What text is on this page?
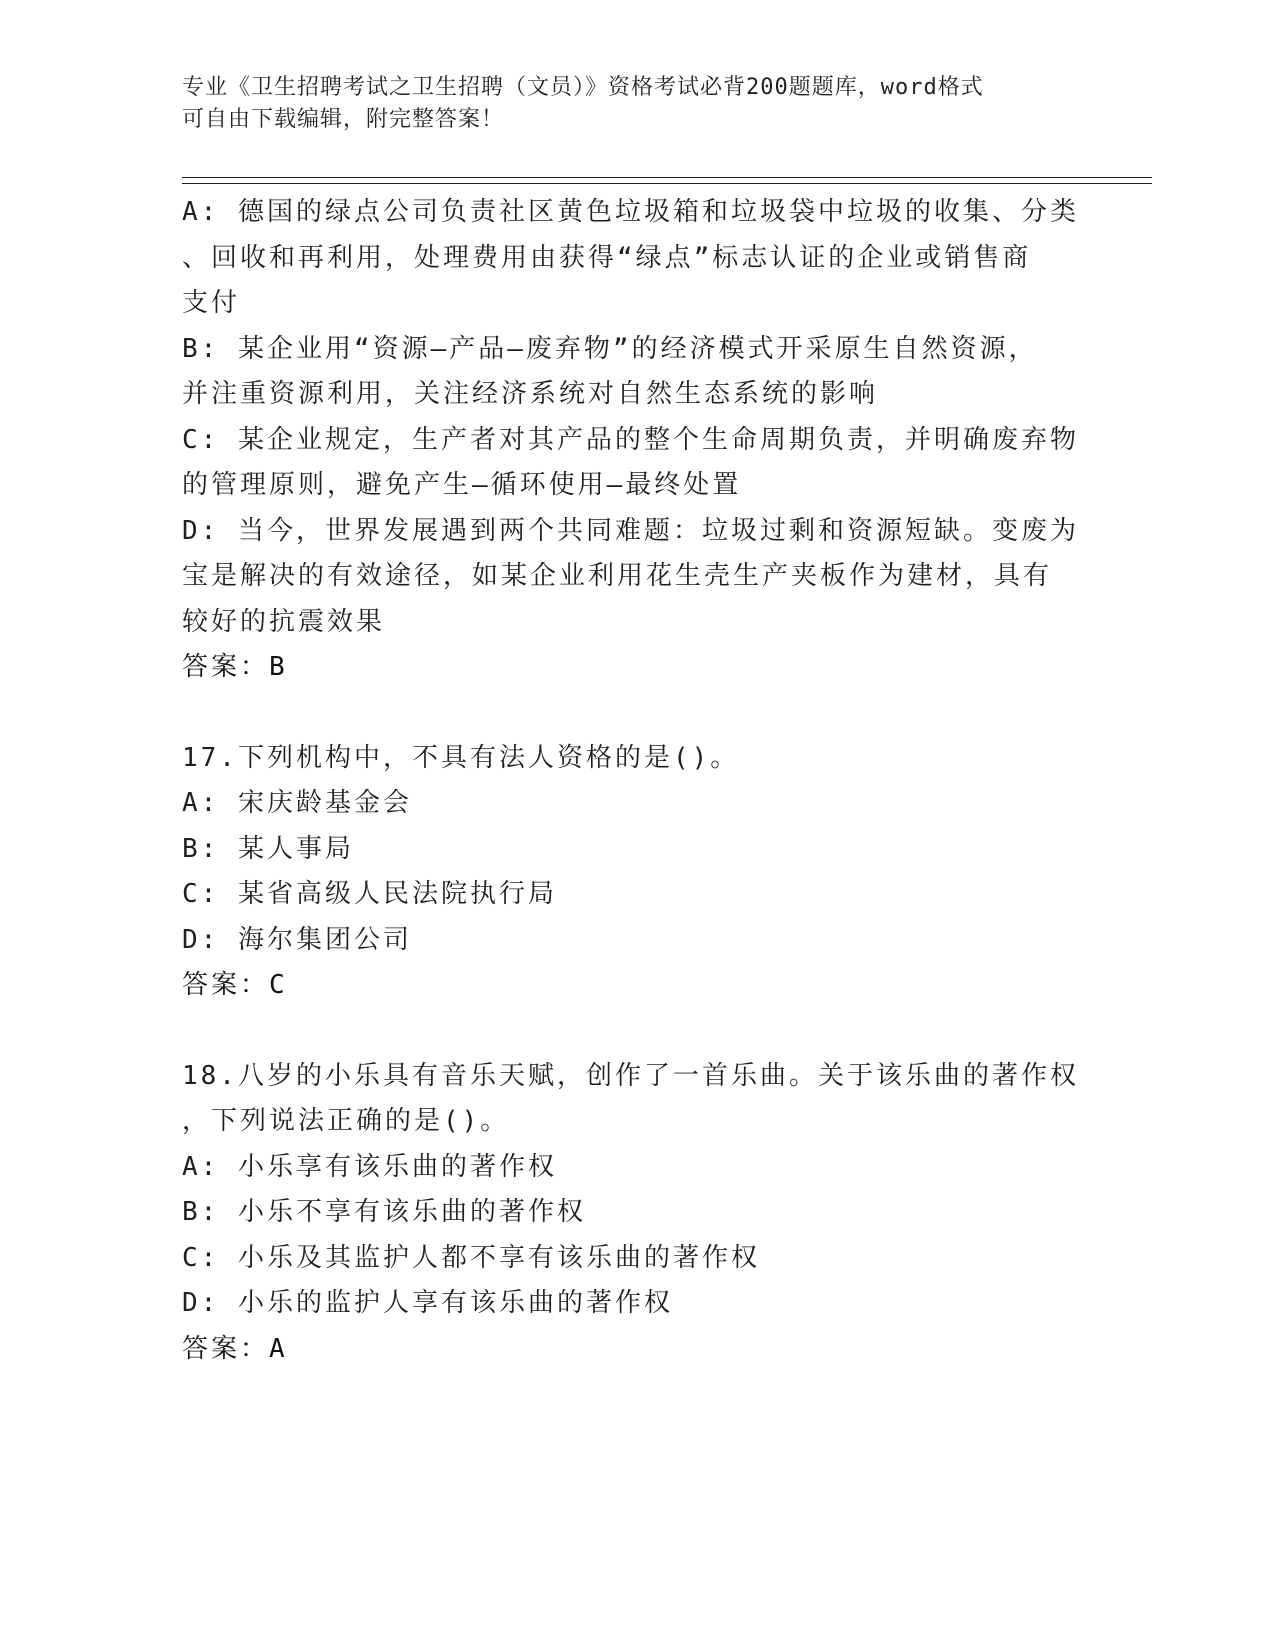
专业《卫生招聘考试之卫生招聘（文员）》资格考试必背200题题库，word格式
可自由下载编辑，附完整答案！
A: 德国的绿点公司负责社区黄色垃圾箱和垃圾袋中垃圾的收集、分类
、回收和再利用，处理费用由获得“绿点”标志认证的企业或销售商
支付
B: 某企业用“资源—产品—废弃物”的经济模式开采原生自然资源，
并注重资源利用，关注经济系统对自然生态系统的影响
C: 某企业规定，生产者对其产品的整个生命周期负责，并明确废弃物
的管理原则，避免产生—循环使用—最终处置
D: 当今，世界发展遇到两个共同难题：垃圾过剩和资源短缺。变废为
宝是解决的有效途径，如某企业利用花生壳生产夹板作为建材，具有
较好的抗震效果
答案：B
17.下列机构中，不具有法人资格的是()。
A: 宋庆龄基金会
B: 某人事局
C: 某省高级人民法院执行局
D: 海尔集团公司
答案：C
18.八岁的小乐具有音乐天赋，创作了一首乐曲。关于该乐曲的著作权
，下列说法正确的是()。
A: 小乐享有该乐曲的著作权
B: 小乐不享有该乐曲的著作权
C: 小乐及其监护人都不享有该乐曲的著作权
D: 小乐的监护人享有该乐曲的著作权
答案：A
